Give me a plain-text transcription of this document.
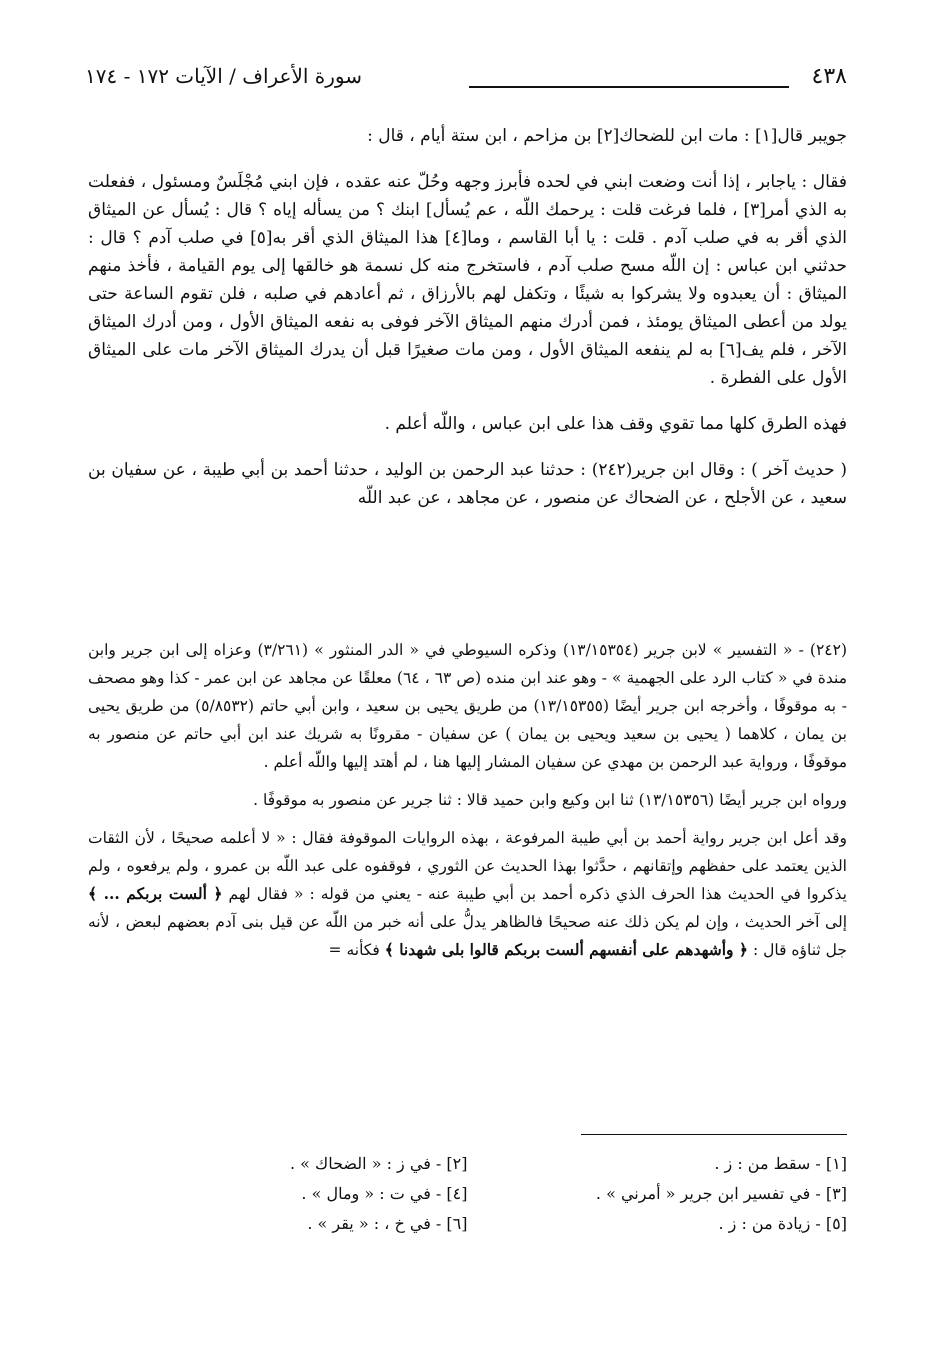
٤٣٨
سورة الأعراف / الآيات ١٧٢ - ١٧٤

جويبر قال[١] : مات ابن للضحاك[٢] بن مزاحم ، ابن ستة أيام ، قال :

فقال : ياجابر ، إذا أنت وضعت ابني في لحده فأبرز وجهه وحُلّ عنه عقده ، فإن ابني مُجْلَسٌ ومسئول ، ففعلت به الذي أمر[٣] ، فلما فرغت قلت : يرحمك اللّه ، عم يُسأل] ابنك ؟ من يسأله إياه ؟ قال : يُسأل عن الميثاق الذي أقر به في صلب آدم . قلت : يا أبا القاسم ، وما[٤] هذا الميثاق الذي أقر به[٥] في صلب آدم ؟ قال : حدثني ابن عباس : إن اللّه مسح صلب آدم ، فاستخرج منه كل نسمة هو خالقها إلى يوم القيامة ، فأخذ منهم الميثاق : أن يعبدوه ولا يشركوا به شيئًا ، وتكفل لهم بالأرزاق ، ثم أعادهم في صلبه ، فلن تقوم الساعة حتى يولد من أعطى الميثاق يومئذ ، فمن أدرك منهم الميثاق الآخر فوفى به نفعه الميثاق الأول ، ومن أدرك الميثاق الآخر ، فلم يف[٦] به لم ينفعه الميثاق الأول ، ومن مات صغيرًا قبل أن يدرك الميثاق الآخر مات على الميثاق الأول على الفطرة .

فهذه الطرق كلها مما تقوي وقف هذا على ابن عباس ، واللّه أعلم .

( حديث آخر ) : وقال ابن جرير(٢٤٢) : حدثنا عبد الرحمن بن الوليد ، حدثنا أحمد بن أبي طيبة ، عن سفيان بن سعيد ، عن الأجلح ، عن الضحاك عن منصور ، عن مجاهد ، عن عبد اللّه

(٢٤٢) - « التفسير » لابن جرير (١٣/١٥٣٥٤) وذكره السيوطي في « الدر المنثور » (٣/٢٦١) وعزاه إلى ابن جرير وابن مندة في « كتاب الرد على الجهمية » - وهو عند ابن منده (ص ٦٣ ، ٦٤) معلقًا عن مجاهد عن ابن عمر - كذا وهو مصحف - به موقوفًا ، وأخرجه ابن جرير أيضًا (١٣/١٥٣٥٥) من طريق يحيى بن سعيد ، وابن أبي حاتم (٥/٨٥٣٢) من طريق يحيى بن يمان ، كلاهما ( يحيى بن سعيد ويحيى بن يمان ) عن سفيان - مقرونًا به شريك عند ابن أبي حاتم عن منصور به موقوفًا ، ورواية عبد الرحمن بن مهدي عن سفيان المشار إليها هنا ، لم أهتد إليها واللّه أعلم .

ورواه ابن جرير أيضًا (١٣/١٥٣٥٦) ثنا ابن وكيع وابن حميد قالا : ثنا جرير عن منصور به موقوفًا .

وقد أعل ابن جرير رواية أحمد بن أبي طيبة المرفوعة ، بهذه الروايات الموقوفة فقال : « لا أعلمه صحيحًا ، لأن الثقات الذين يعتمد على حفظهم وإتقانهم ، حدَّثوا بهذا الحديث عن الثوري ، فوقفوه على عبد اللّه بن عمرو ، ولم يرفعوه ، ولم يذكروا في الحديث هذا الحرف الذي ذكره أحمد بن أبي طيبة عنه - يعني من قوله : « فقال لهم ﴿ ألست بربكم ... ﴾ إلى آخر الحديث ، وإن لم يكن ذلك عنه صحيحًا فالظاهر يدلُّ على أنه خبر من اللّه عن قيل بنى آدم بعضهم لبعض ، لأنه جل ثناؤه قال : ﴿ وأشهدهم على أنفسهم ألست بربكم قالوا بلى شهدنا ﴾ فكأنه =

[١] - سقط من : ز .
[٢] - في ز : « الضحاك » .
[٣] - في تفسير ابن جرير « أمرني » .
[٤] - في ت : « ومال » .
[٥] - زيادة من : ز .
[٦] - في خ ، : « يقر » .
